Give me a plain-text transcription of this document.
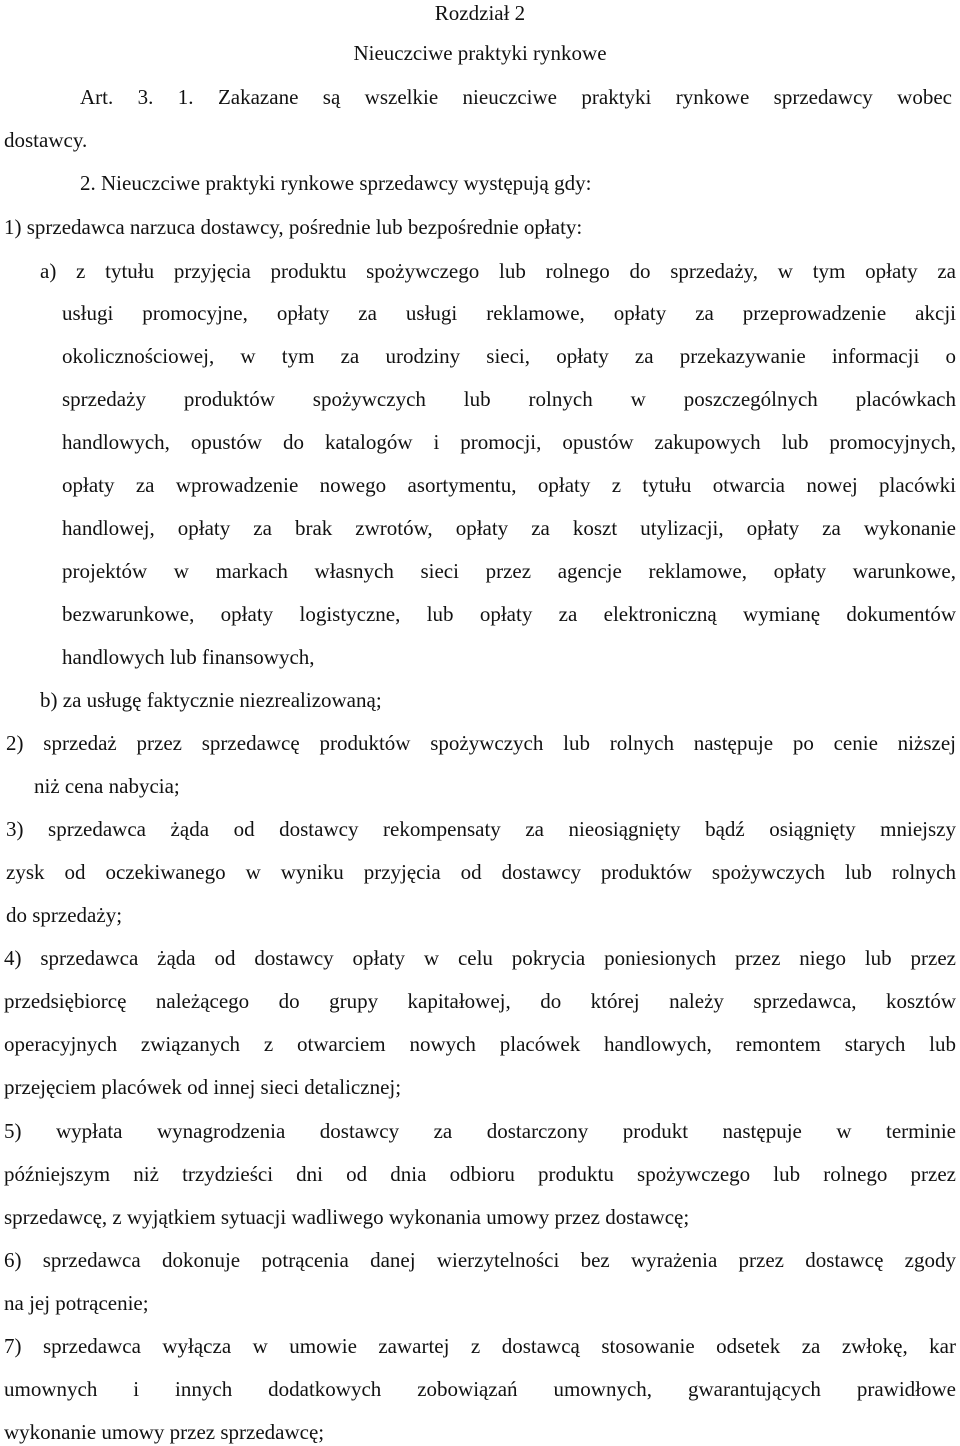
Rozdział 2
Nieuczciwe praktyki rynkowe
Art. 3. 1. Zakazane są wszelkie nieuczciwe praktyki rynkowe sprzedawcy wobec
dostawcy.
2. Nieuczciwe praktyki rynkowe sprzedawcy występują gdy:
1) sprzedawca narzuca dostawcy, pośrednie lub bezpośrednie opłaty:
a) z tytułu przyjęcia produktu spożywczego lub rolnego do sprzedaży, w tym opłaty za
usługi promocyjne, opłaty za usługi reklamowe, opłaty za przeprowadzenie akcji
okolicznościowej, w tym za urodziny sieci, opłaty za przekazywanie informacji o
sprzedaży produktów spożywczych lub rolnych w poszczególnych placówkach
handlowych, opustów do katalogów i promocji, opustów zakupowych lub promocyjnych,
opłaty za wprowadzenie nowego asortymentu, opłaty z tytułu otwarcia nowej placówki
handlowej, opłaty za brak zwrotów, opłaty za koszt utylizacji, opłaty za wykonanie
projektów w markach własnych sieci przez agencje reklamowe, opłaty warunkowe,
bezwarunkowe, opłaty logistyczne, lub opłaty za elektroniczną wymianę dokumentów
handlowych lub finansowych,
b) za usługę faktycznie niezrealizowaną;
2) sprzedaż przez sprzedawcę produktów spożywczych lub rolnych następuje po cenie niższej
niż cena nabycia;
3) sprzedawca żąda od dostawcy rekompensaty za nieosiągnięty bądź osiągnięty mniejszy
zysk od oczekiwanego w wyniku przyjęcia od dostawcy produktów spożywczych lub rolnych
do sprzedaży;
4) sprzedawca żąda od dostawcy opłaty w celu pokrycia poniesionych przez niego lub przez
przedsiębiorcę należącego do grupy kapitałowej, do której należy sprzedawca, kosztów
operacyjnych związanych z otwarciem nowych placówek handlowych, remontem starych lub
przejęciem placówek od innej sieci detalicznej;
5) wypłata wynagrodzenia dostawcy za dostarczony produkt następuje w terminie
późniejszym niż trzydzieści dni od dnia odbioru produktu spożywczego lub rolnego przez
sprzedawcę, z wyjątkiem sytuacji wadliwego wykonania umowy przez dostawcę;
6) sprzedawca dokonuje potrącenia danej wierzytelności bez wyrażenia przez dostawcę zgody
na jej potrącenie;
7) sprzedawca wyłącza w umowie zawartej z dostawcą stosowanie odsetek za zwłokę, kar
umownych i innych dodatkowych zobowiązań umownych, gwarantujących prawidłowe
wykonanie umowy przez sprzedawcę;
